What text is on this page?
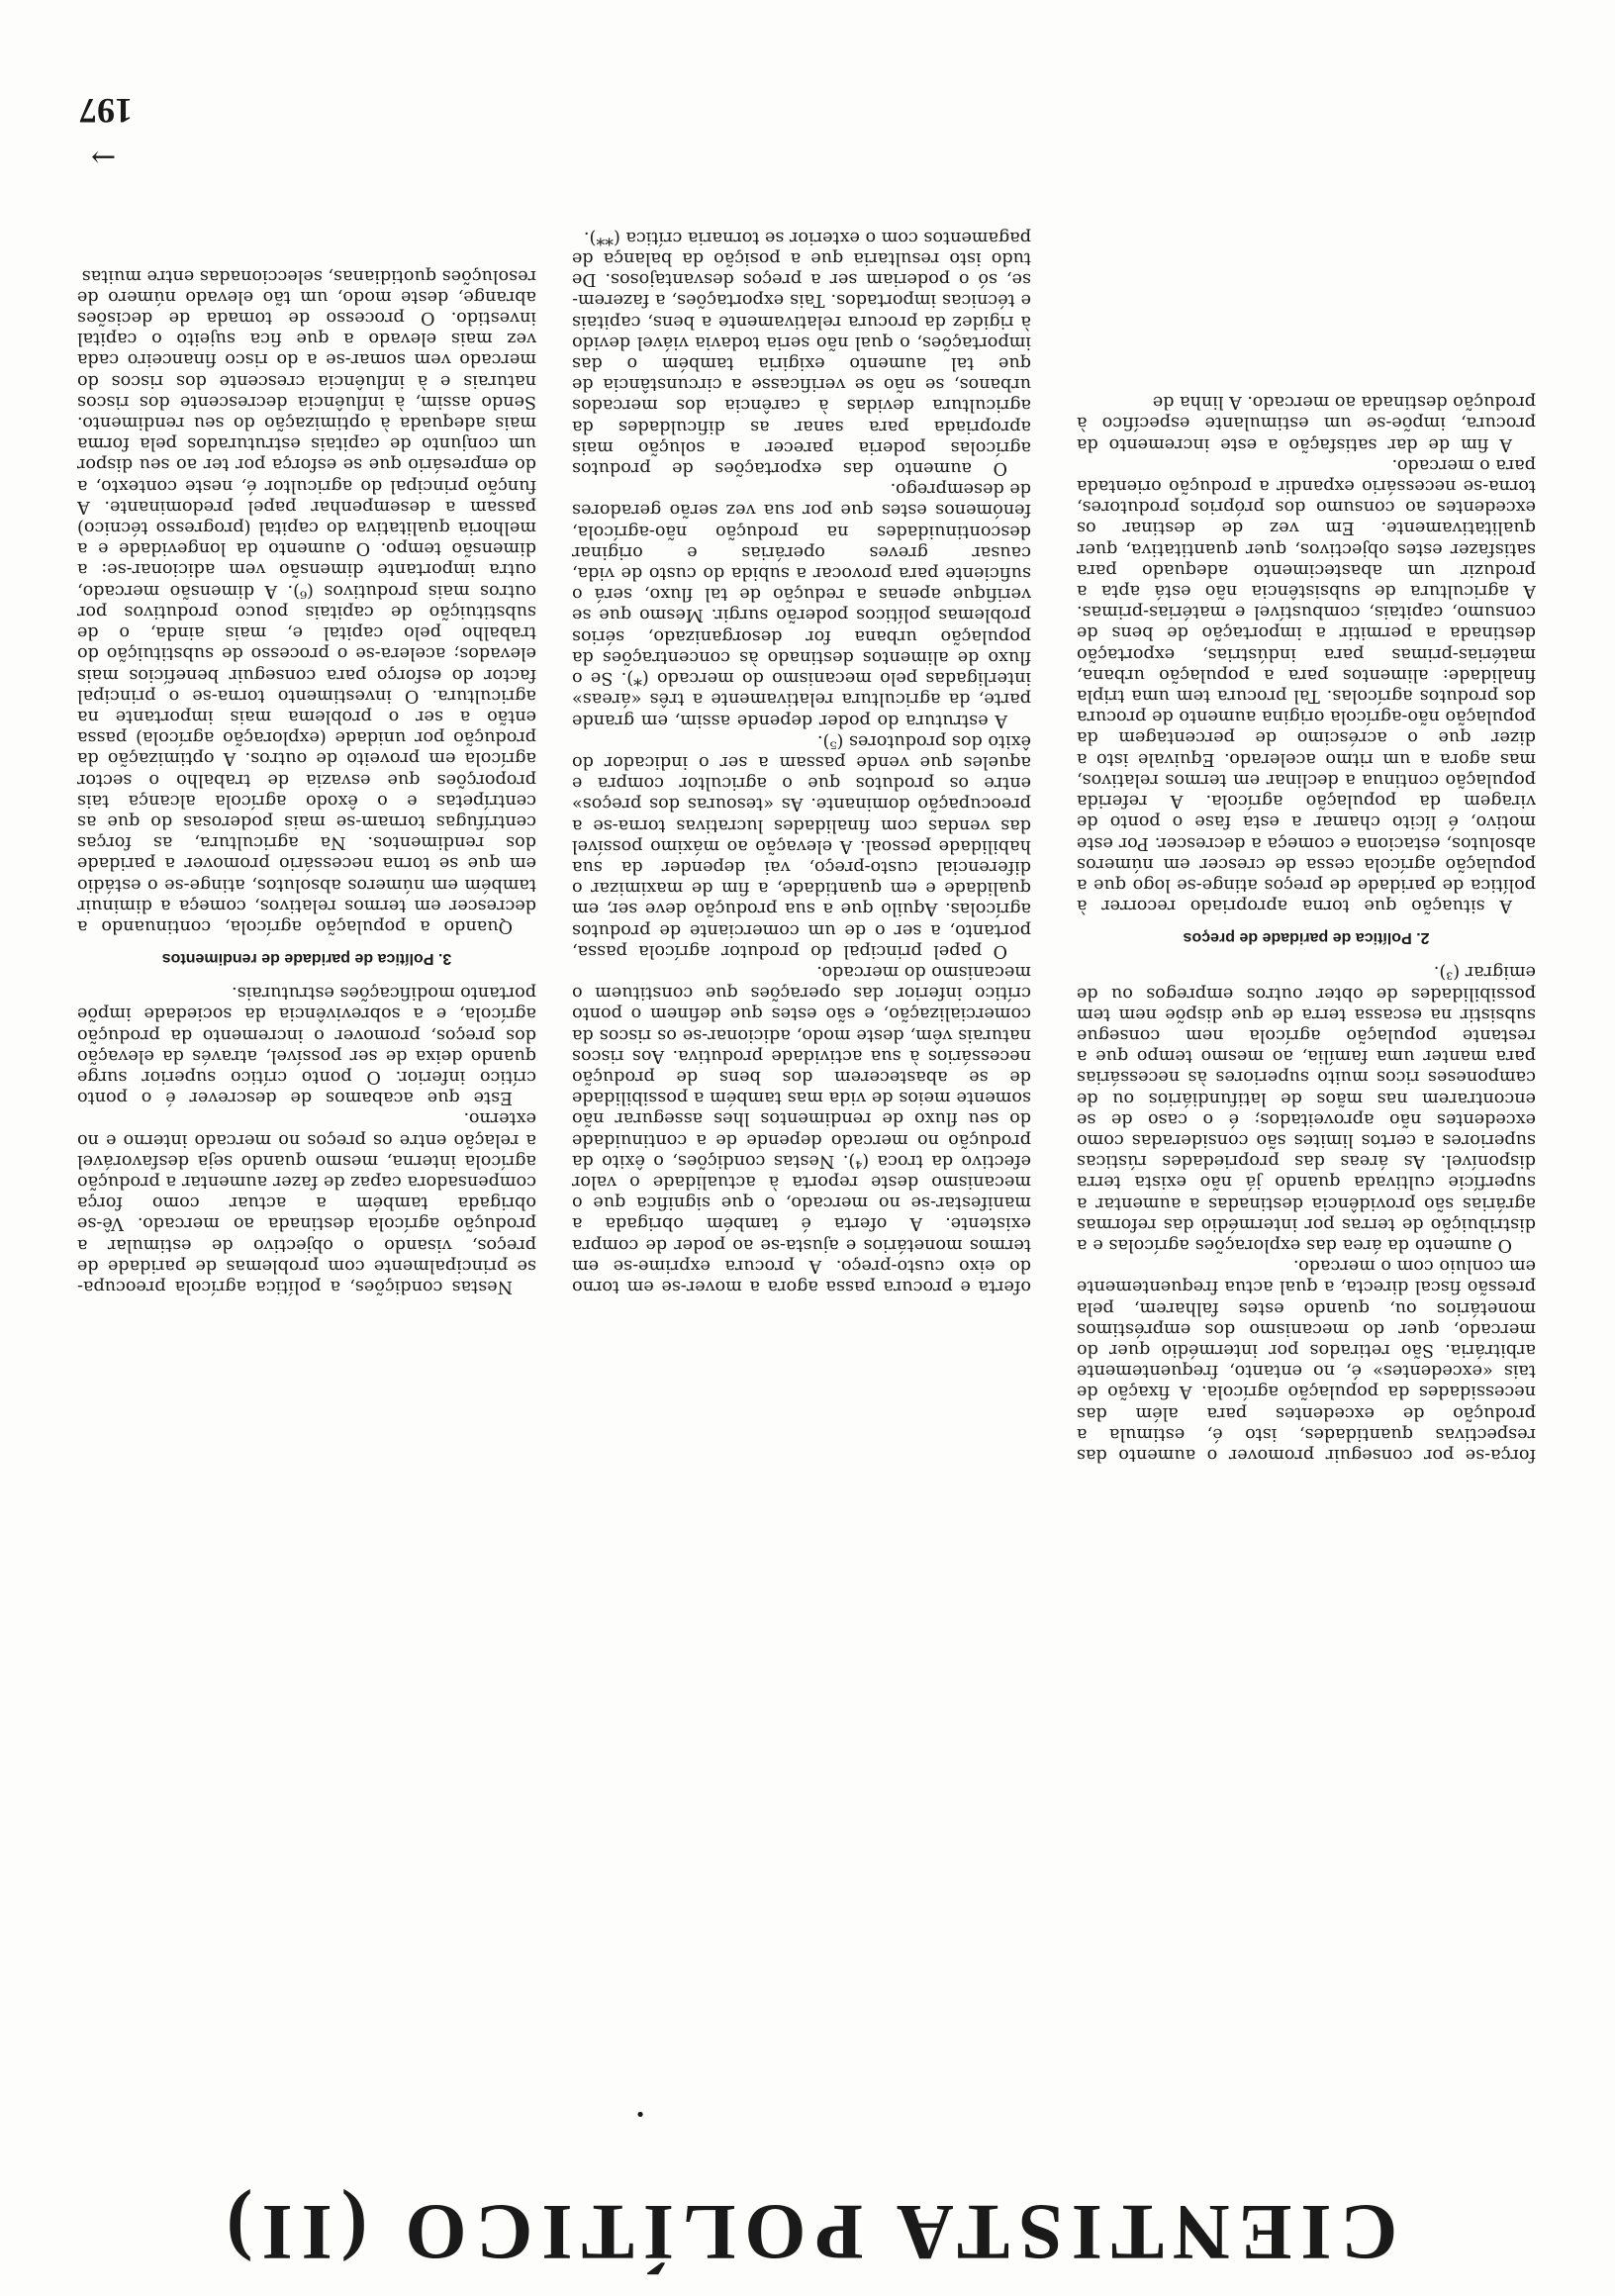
CIENTISTA POLÍTICO (II)
•

força-se por conseguir promover o aumento das respectivas quantidades, isto é, estimula a produção de excedentes para além das necessidades da população agrícola. A fixação de tais «excedentes» é, no entanto, frequentemente arbitrária. São retirados por intermédio quer do mercado, quer do mecanismo dos empréstimos monetários ou, quando estes falharem, pela pressão fiscal directa, a qual actua frequentemente em conluio com o mercado.

O aumento da área das explorações agrícolas e a distribuição de terras por intermédio das reformas agrárias são providência destinadas a aumentar a superfície cultivada quando já não exista terra disponível. As áreas das propriedades rústicas superiores a certos limites são consideradas como excedentes não aproveitados; é o caso de se encontrarem nas mãos de latifundiários ou de camponeses ricos muito superiores às necessárias para manter uma família, ao mesmo tempo que a restante população agrícola nem consegue subsistir na escassa terra de que dispõe nem tem possibilidades de obter outros empregos ou de emigrar (³).

2. Política de paridade de preços

A situação que torna apropriado recorrer à política de paridade de preços atinge-se logo que a população agrícola cessa de crescer em números absolutos, estaciona e começa a decrescer. Por este motivo, é lícito chamar a esta fase o ponto de viragem da população agrícola. A referida população continua a declinar em termos relativos, mas agora a um ritmo acelerado. Equivale isto a dizer que o acréscimo de percentagem da população não-agrícola origina aumento de procura dos produtos agrícolas. Tal procura tem uma tripla finalidade: alimentos para a população urbana, matérias-primas para indústrias, exportação destinada a permitir a importação de bens de consumo, capitais, combustível e matérias-primas. A agricultura de subsistência não está apta a produzir um abastecimento adequado para satisfazer estes objectivos, quer quantitativa, quer qualitativamente. Em vez de destinar os excedentes ao consumo dos próprios produtores, torna-se necessário expandir a produção orientada para o mercado.

A fim de dar satisfação a este incremento da procura, impõe-se um estimulante específico à produção destinada ao mercado. A linha de

oferta e procura passa agora a mover-se em torno do eixo custo-preço. A procura exprime-se em termos monetários e ajusta-se ao poder de compra existente. A oferta é também obrigada a manifestar-se no mercado, o que significa que o mecanismo deste reporta à actualidade o valor efectivo da troca (⁴). Nestas condições, o êxito da produção no mercado depende de a continuidade do seu fluxo de rendimentos lhes assegurar não somente meios de vida mas também a possibilidade de se abastecerem dos bens de produção necessários à sua actividade produtiva. Aos riscos naturais vêm, deste modo, adicionar-se os riscos da comercialização, e são estes que definem o ponto crítico inferior das operações que constituem o mecanismo do mercado.

O papel principal do produtor agrícola passa, portanto, a ser o de um comerciante de produtos agrícolas. Aquilo que a sua produção deve ser, em qualidade e em quantidade, a fim de maximizar o diferencial custo-preço, vai depender da sua habilidade pessoal. A elevação ao máximo possível das vendas com finalidades lucrativas torna-se a preocupação dominante. As «tesouras dos preços» entre os produtos que o agricultor compra e aqueles que vende passam a ser o indicador do êxito dos produtores (⁵).

A estrutura do poder depende assim, em grande parte, da agricultura relativamente a três «áreas» interligadas pelo mecanismo do mercado (*). Se o fluxo de alimentos destinado às concentrações da população urbana for desorganizado, sérios problemas políticos poderão surgir. Mesmo que se verifique apenas a redução de tal fluxo, será o suficiente para provocar a subida do custo de vida, causar greves operárias e originar descontinuidades na produção não-agrícola, fenómenos estes que por sua vez serão geradores de desemprego.

O aumento das exportações de produtos agrícolas poderia parecer a solução mais apropriada para sanar as dificuldades da agricultura devidas à carência dos mercados urbanos, se não se verificasse a circunstância de que tal aumento exigiria também o das importações, o qual não seria todavia viável devido à rigidez da procura relativamente a bens, capitais e técnicas importados. Tais exportações, a fazerem-se, só o poderiam ser a preços desvantajosos. De tudo isto resultaria que a posição da balança de pagamentos com o exterior se tornaria crítica (**).

Nestas condições, a política agrícola preocupa-se principalmente com problemas de paridade de preços, visando o objectivo de estimular a produção agrícola destinada ao mercado. Vê-se obrigada também a actuar como força compensadora capaz de fazer aumentar a produção agrícola interna, mesmo quando seja desfavorável a relação entre os preços no mercado interno e no externo.

Este que acabamos de descrever é o ponto crítico inferior. O ponto crítico superior surge quando deixa de ser possível, através da elevação dos preços, promover o incremento da produção agrícola, e a sobrevivência da sociedade impõe portanto modificações estruturais.

3. Política de paridade de rendimentos

Quando a população agrícola, continuando a decrescer em termos relativos, começa a diminuir também em números absolutos, atinge-se o estádio em que se torna necessário promover a paridade dos rendimentos. Na agricultura, as forças centrífugas tornam-se mais poderosas do que as centrípetas e o êxodo agrícola alcança tais proporções que esvazia de trabalho o sector agrícola em proveito de outros. A optimização da produção por unidade (exploração agrícola) passa então a ser o problema mais importante na agricultura. O investimento torna-se o principal factor do esforço para conseguir benefícios mais elevados; acelera-se o processo de substituição do trabalho pelo capital e, mais ainda, o de substituição de capitais pouco produtivos por outros mais produtivos (⁶). A dimensão mercado, outra importante dimensão vem adicionar-se: a dimensão tempo. O aumento da longevidade e a melhoria qualitativa do capital (progresso técnico) passam a desempenhar papel predominante. A função principal do agricultor é, neste contexto, a do empresário que se esforça por ter ao seu dispor um conjunto de capitais estruturados pela forma mais adequada à optimização do seu rendimento. Sendo assim, à influência decrescente dos riscos naturais e à influência crescente dos riscos do mercado vem somar-se a do risco financeiro cada vez mais elevado a que fica sujeito o capital investido. O processo de tomada de decisões abrange, deste modo, um tão elevado número de resoluções quotidianas, seleccionadas entre muitas

→
197
